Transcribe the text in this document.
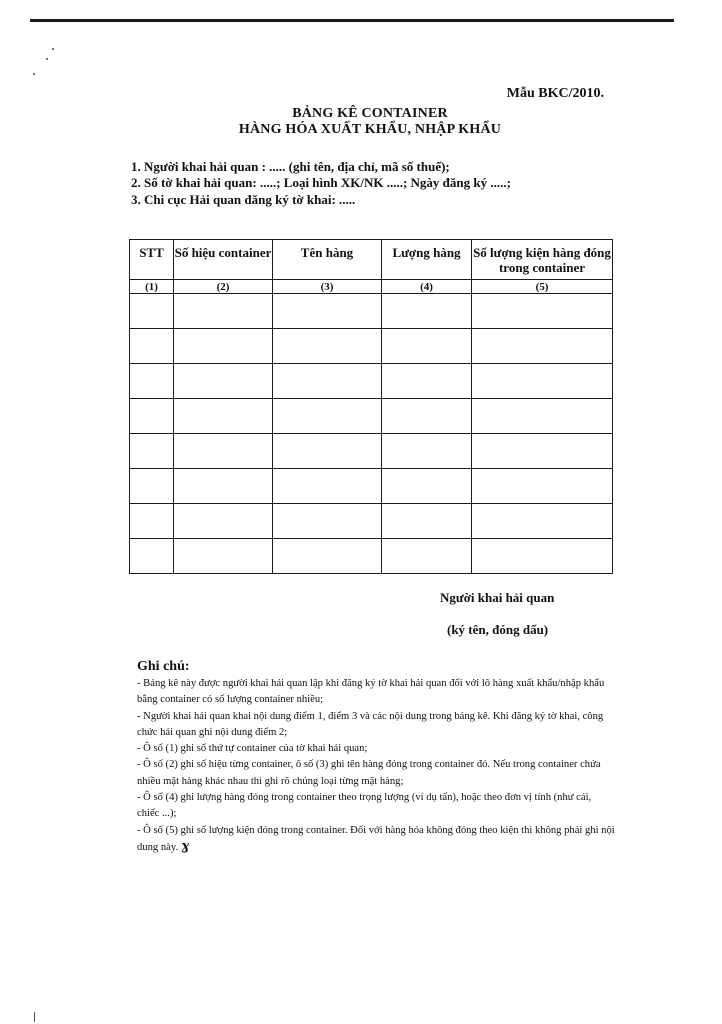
Mẫu BKC/2010.
BẢNG KÊ CONTAINER
HÀNG HÓA XUẤT KHẨU, NHẬP KHẨU
1. Người khai hải quan : ..... (ghi tên, địa chỉ, mã số thuế);
2. Số tờ khai hải quan: .....; Loại hình XK/NK .....; Ngày đăng ký .....;
3. Chi cục Hải quan đăng ký tờ khai: .....
STT	Số hiệu container	Tên hàng	Lượng hàng	Số lượng kiện hàng đóng trong container
(1)	(2)	(3)	(4)	(5)

Người khai hải quan
(ký tên, đóng dấu)
Ghi chú:

- Bảng kê này được người khai hải quan lập khi đăng ký tờ khai hải quan đối với lô hàng xuất khẩu/nhập khẩu bằng container có số lượng container nhiều;

- Người khai hải quan khai nội dung điểm 1, điểm 3 và các nội dung trong bảng kê. Khi đăng ký tờ khai, công chức hải quan ghi nội dung điểm 2;

- Ô số (1) ghi số thứ tự container của tờ khai hải quan;

- Ô số (2) ghi số hiệu từng container, ô số (3) ghi tên hàng đóng trong container đó. Nếu trong container chứa nhiều mặt hàng khác nhau thì ghi rõ chủng loại từng mặt hàng;

- Ô số (4) ghi lượng hàng đóng trong container theo trọng lượng (ví dụ tấn), hoặc theo đơn vị tính (như cái, chiếc ...);

- Ô số (5) ghi số lượng kiện đóng trong container. Đối với hàng hóa không đóng theo kiện thì không phải ghi nội dung này. ɣ
